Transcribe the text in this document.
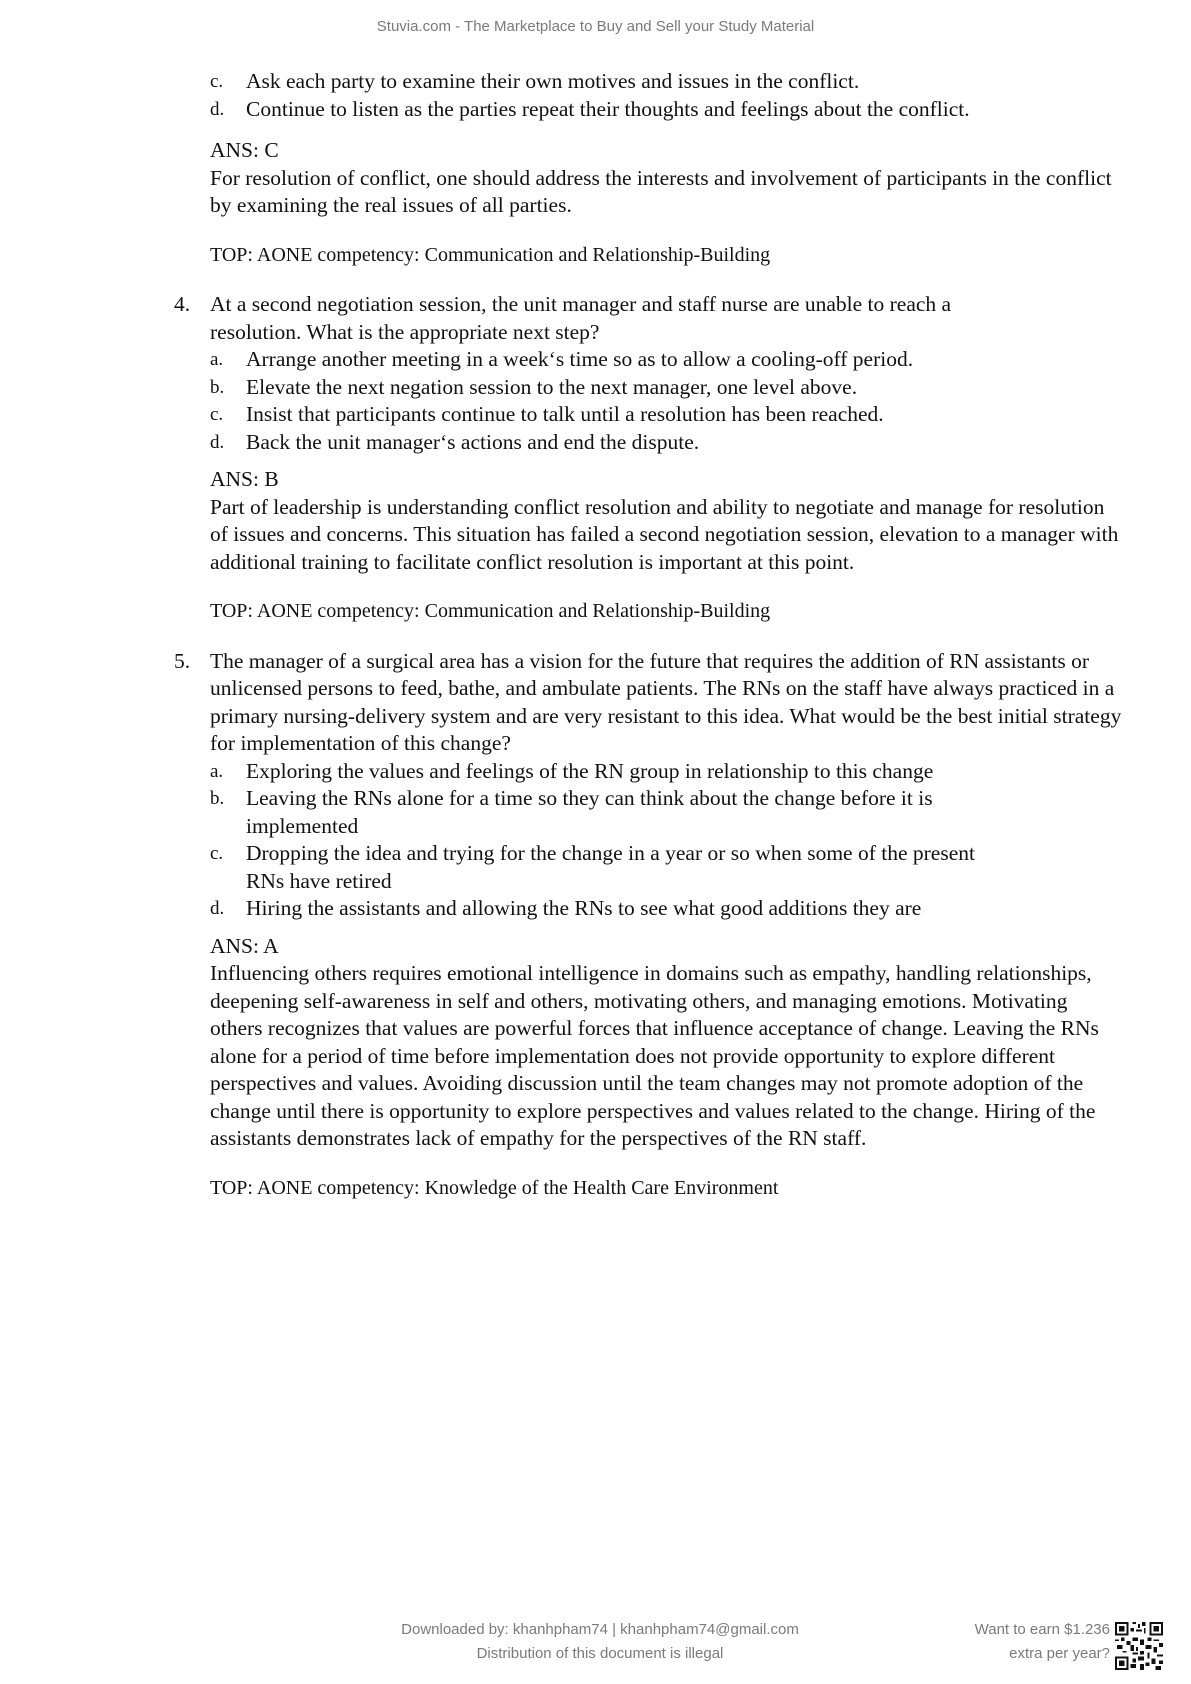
Stuvia.com - The Marketplace to Buy and Sell your Study Material
c. Ask each party to examine their own motives and issues in the conflict.
d. Continue to listen as the parties repeat their thoughts and feelings about the conflict.
ANS: C
For resolution of conflict, one should address the interests and involvement of participants in the conflict by examining the real issues of all parties.
TOP: AONE competency: Communication and Relationship-Building
4. At a second negotiation session, the unit manager and staff nurse are unable to reach a resolution. What is the appropriate next step?
a. Arrange another meeting in a week‘s time so as to allow a cooling-off period.
b. Elevate the next negation session to the next manager, one level above.
c. Insist that participants continue to talk until a resolution has been reached.
d. Back the unit manager‘s actions and end the dispute.
ANS: B
Part of leadership is understanding conflict resolution and ability to negotiate and manage for resolution of issues and concerns. This situation has failed a second negotiation session, elevation to a manager with additional training to facilitate conflict resolution is important at this point.
TOP: AONE competency: Communication and Relationship-Building
5. The manager of a surgical area has a vision for the future that requires the addition of RN assistants or unlicensed persons to feed, bathe, and ambulate patients. The RNs on the staff have always practiced in a primary nursing-delivery system and are very resistant to this idea. What would be the best initial strategy for implementation of this change?
a. Exploring the values and feelings of the RN group in relationship to this change
b. Leaving the RNs alone for a time so they can think about the change before it is implemented
c. Dropping the idea and trying for the change in a year or so when some of the present RNs have retired
d. Hiring the assistants and allowing the RNs to see what good additions they are
ANS: A
Influencing others requires emotional intelligence in domains such as empathy, handling relationships, deepening self-awareness in self and others, motivating others, and managing emotions. Motivating others recognizes that values are powerful forces that influence acceptance of change. Leaving the RNs alone for a period of time before implementation does not provide opportunity to explore different perspectives and values. Avoiding discussion until the team changes may not promote adoption of the change until there is opportunity to explore perspectives and values related to the change. Hiring of the assistants demonstrates lack of empathy for the perspectives of the RN staff.
TOP: AONE competency: Knowledge of the Health Care Environment
Downloaded by: khanhpham74 | khanhpham74@gmail.com
Distribution of this document is illegal
Want to earn $1.236
extra per year?
